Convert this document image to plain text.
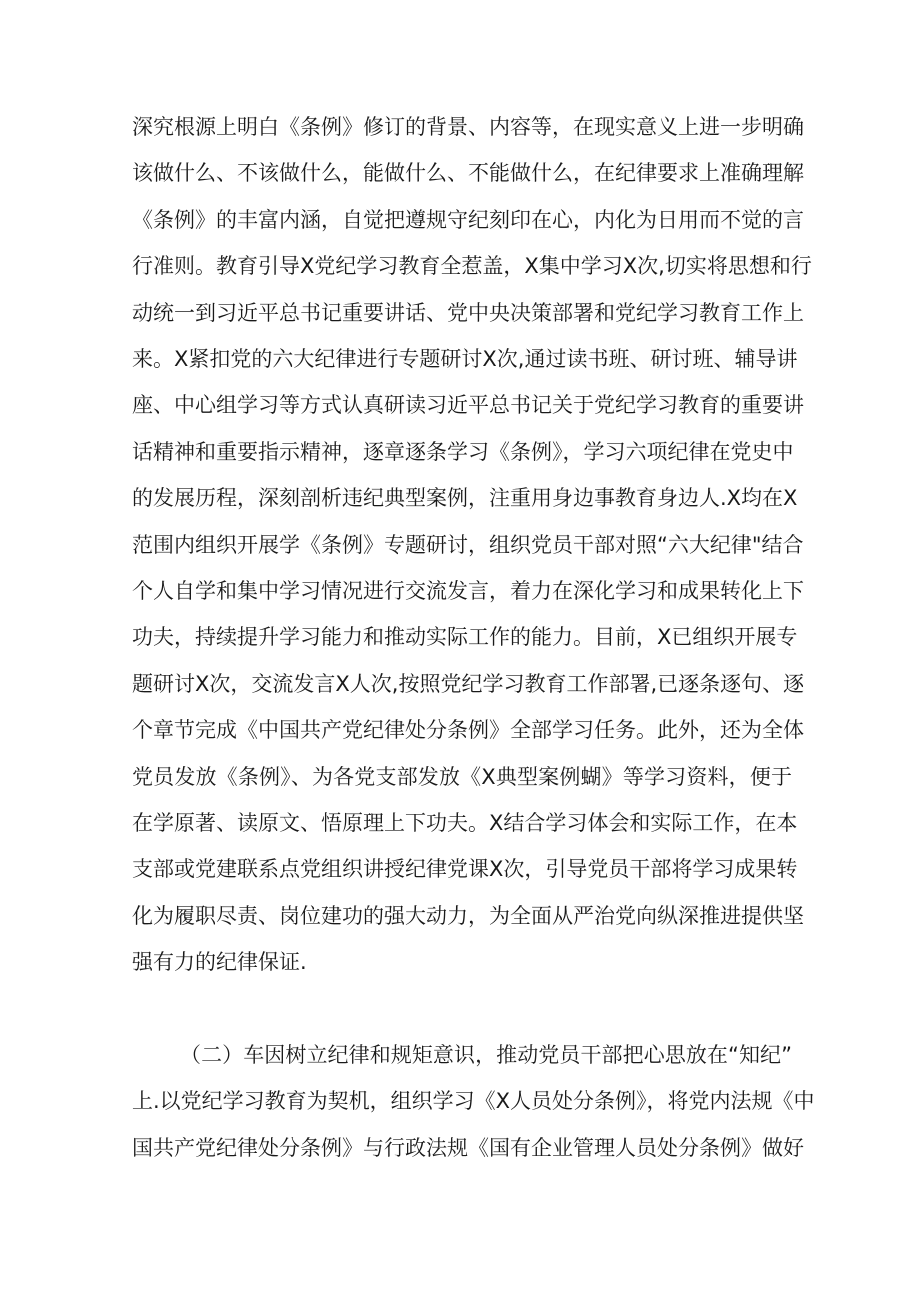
深究根源上明白《条例》修订的背景、内容等，在现实意义上进一步明确
该做什么、不该做什么，能做什么、不能做什么，在纪律要求上准确理解
《条例》的丰富内涵，自觉把遵规守纪刻印在心，内化为日用而不觉的言
行准则。教育引导X党纪学习教育全惹盖，X集中学习X次,切实将思想和行
动统一到习近平总书记重要讲话、党中央决策部署和党纪学习教育工作上
来。X紧扣党的六大纪律进行专题研讨X次,通过读书班、研讨班、辅导讲
座、中心组学习等方式认真研读习近平总书记关于党纪学习教育的重要讲
话精神和重要指示精神，逐章逐条学习《条例》，学习六项纪律在党史中
的发展历程，深刻剖析违纪典型案例，注重用身边事教育身边人.X均在X
范围内组织开展学《条例》专题研讨，组织党员干部对照“六大纪律"结合
个人自学和集中学习情况进行交流发言，着力在深化学习和成果转化上下
功夫，持续提升学习能力和推动实际工作的能力。目前，X已组织开展专
题研讨X次，交流发言X人次,按照党纪学习教育工作部署,已逐条逐句、逐
个章节完成《中国共产党纪律处分条例》全部学习任务。此外，还为全体
党员发放《条例》、为各党支部发放《X典型案例蝴》等学习资料，便于
在学原著、读原文、悟原理上下功夫。X结合学习体会和实际工作，在本
支部或党建联系点党组织讲授纪律党课X次，引导党员干部将学习成果转
化为履职尽责、岗位建功的强大动力，为全面从严治党向纵深推进提供坚
强有力的纪律保证.
（二）车因树立纪律和规矩意识，推动党员干部把心思放在“知纪”
上.以党纪学习教育为契机，组织学习《X人员处分条例》，将党内法规《中
国共产党纪律处分条例》与行政法规《国有企业管理人员处分条例》做好
